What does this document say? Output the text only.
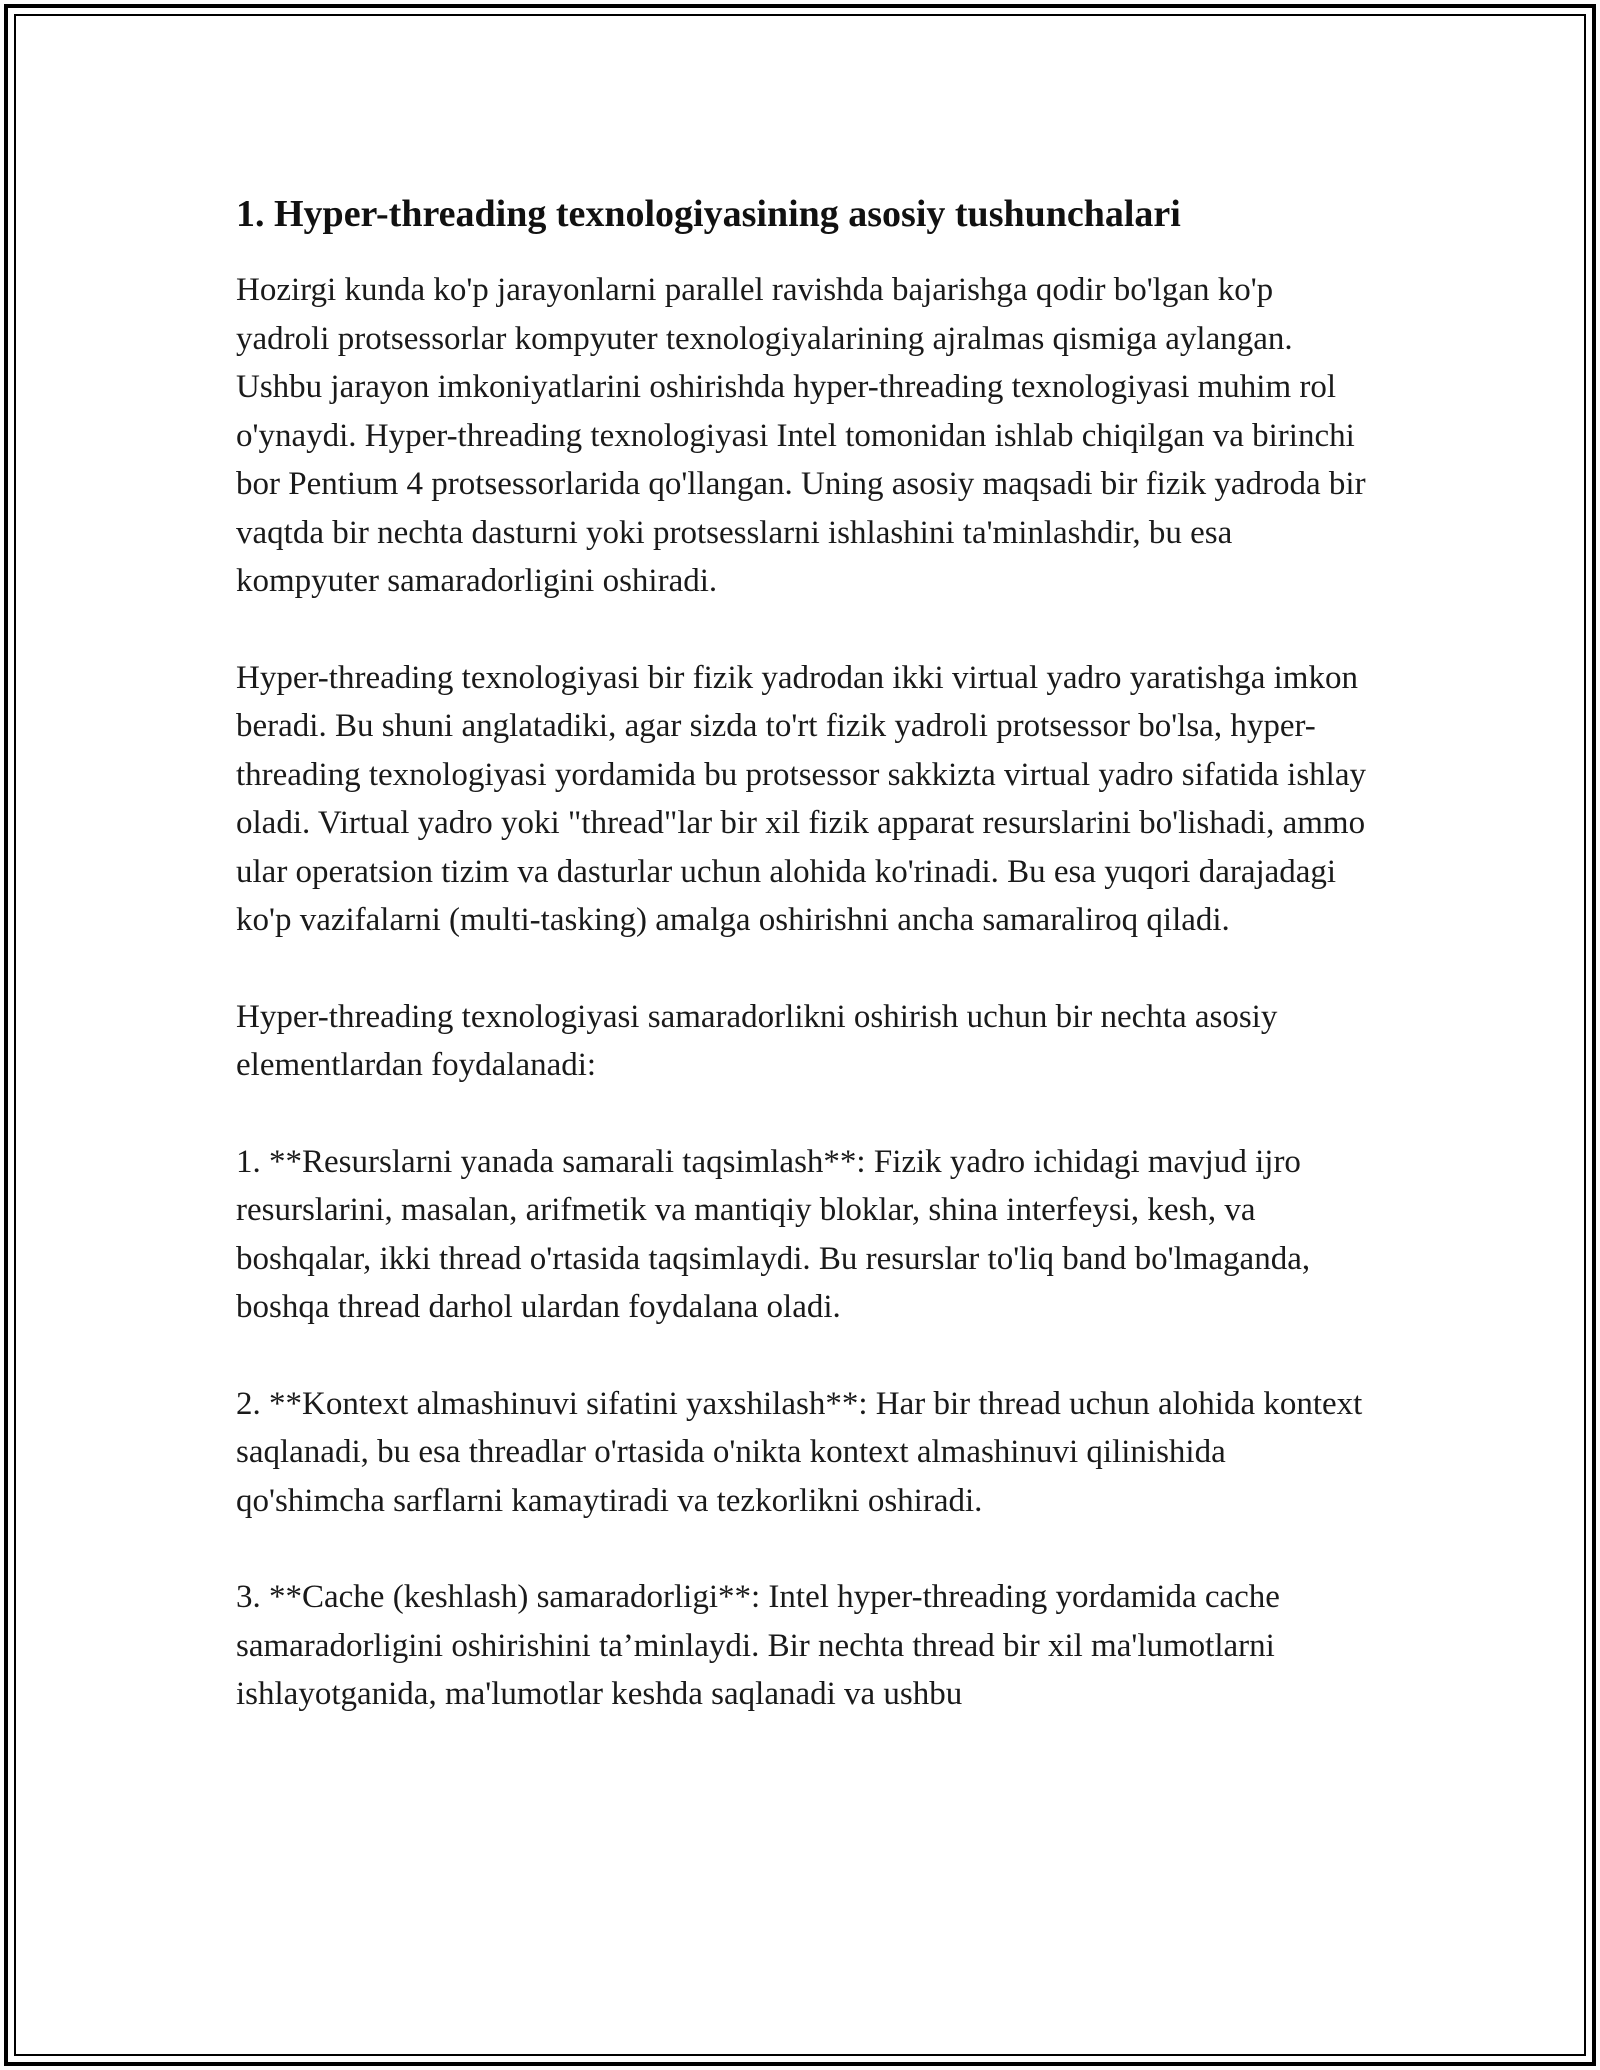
1. Hyper-threading texnologiyasining asosiy tushunchalari

Hozirgi kunda ko'p jarayonlarni parallel ravishda bajarishga qodir bo'lgan ko'p yadroli protsessorlar kompyuter texnologiyalarining ajralmas qismiga aylangan. Ushbu jarayon imkoniyatlarini oshirishda hyper-threading texnologiyasi muhim rol o'ynaydi. Hyper-threading texnologiyasi Intel tomonidan ishlab chiqilgan va birinchi bor Pentium 4 protsessorlarida qo'llangan. Uning asosiy maqsadi bir fizik yadroda bir vaqtda bir nechta dasturni yoki protsesslarni ishlashini ta'minlashdir, bu esa kompyuter samaradorligini oshiradi.

Hyper-threading texnologiyasi bir fizik yadrodan ikki virtual yadro yaratishga imkon beradi. Bu shuni anglatadiki, agar sizda to'rt fizik yadroli protsessor bo'lsa, hyper-threading texnologiyasi yordamida bu protsessor sakkizta virtual yadro sifatida ishlay oladi. Virtual yadro yoki "thread"lar bir xil fizik apparat resurslarini bo'lishadi, ammo ular operatsion tizim va dasturlar uchun alohida ko'rinadi. Bu esa yuqori darajadagi ko'p vazifalarni (multi-tasking) amalga oshirishni ancha samaraliroq qiladi.

Hyper-threading texnologiyasi samaradorlikni oshirish uchun bir nechta asosiy elementlardan foydalanadi:

1. **Resurslarni yanada samarali taqsimlash**: Fizik yadro ichidagi mavjud ijro resurslarini, masalan, arifmetik va mantiqiy bloklar, shina interfeysi, kesh, va boshqalar, ikki thread o'rtasida taqsimlaydi. Bu resurslar to'liq band bo'lmaganda, boshqa thread darhol ulardan foydalana oladi.

2. **Kontext almashinuvi sifatini yaxshilash**: Har bir thread uchun alohida kontext saqlanadi, bu esa threadlar o'rtasida o'nikta kontext almashinuvi qilinishida qo'shimcha sarflarni kamaytiradi va tezkorlikni oshiradi.

3. **Cache (keshlash) samaradorligi**: Intel hyper-threading yordamida cache samaradorligini oshirishini ta’minlaydi. Bir nechta thread bir xil ma'lumotlarni ishlayotganida, ma'lumotlar keshda saqlanadi va ushbu
